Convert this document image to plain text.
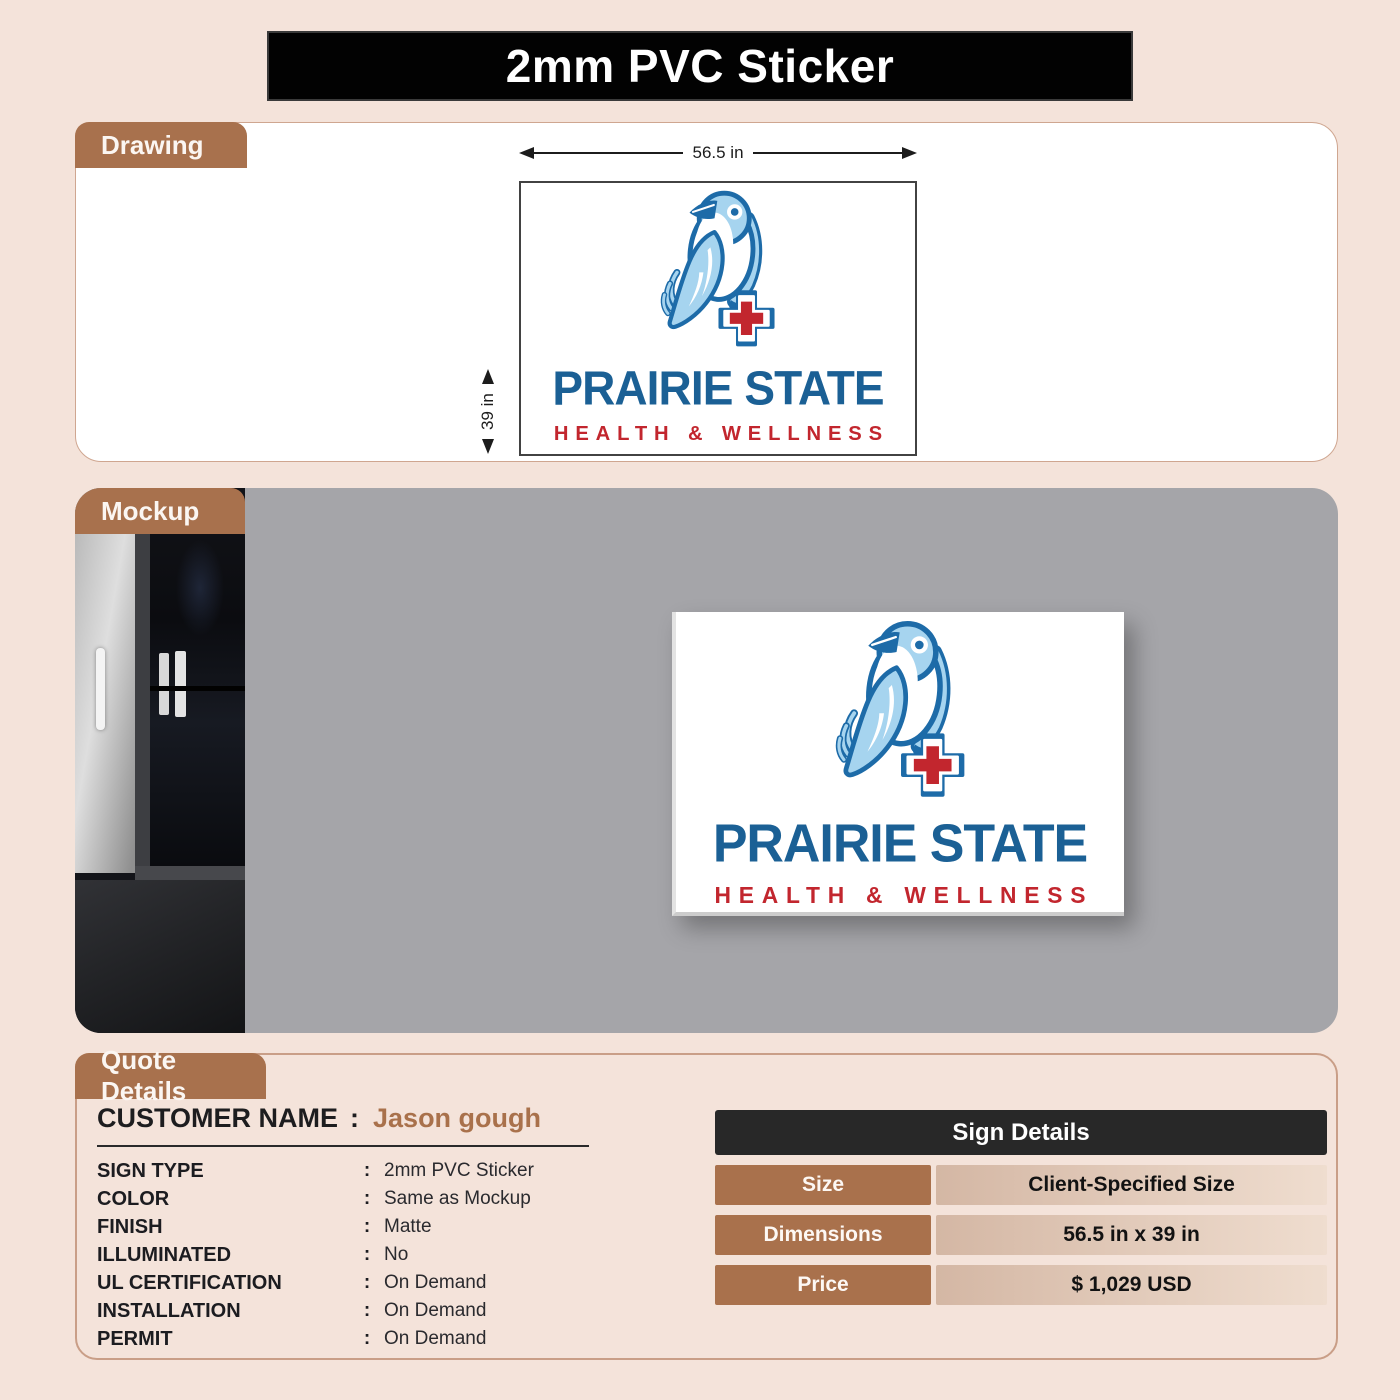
2mm PVC Sticker
Drawing	56.5 in
39 in PRAIRIE STATE
HEALTH & WELLNESS
Mockup
PRAIRIE STATE
HEALTH & WELLNESS
Quote Details
CUSTOMER NAME : Jason gough
SIGN TYPE	: 2mm PVC Sticker
COLOR	: Same as Mockup
FINISH	: Matte
ILLUMINATED	: No
UL CERTIFICATION	: On Demand
INSTALLATION	: On Demand
PERMIT	: On Demand
Sign Details
Size	Client-Specified Size
Dimensions	56.5 in x 39 in
Price	$ 1,029 USD
